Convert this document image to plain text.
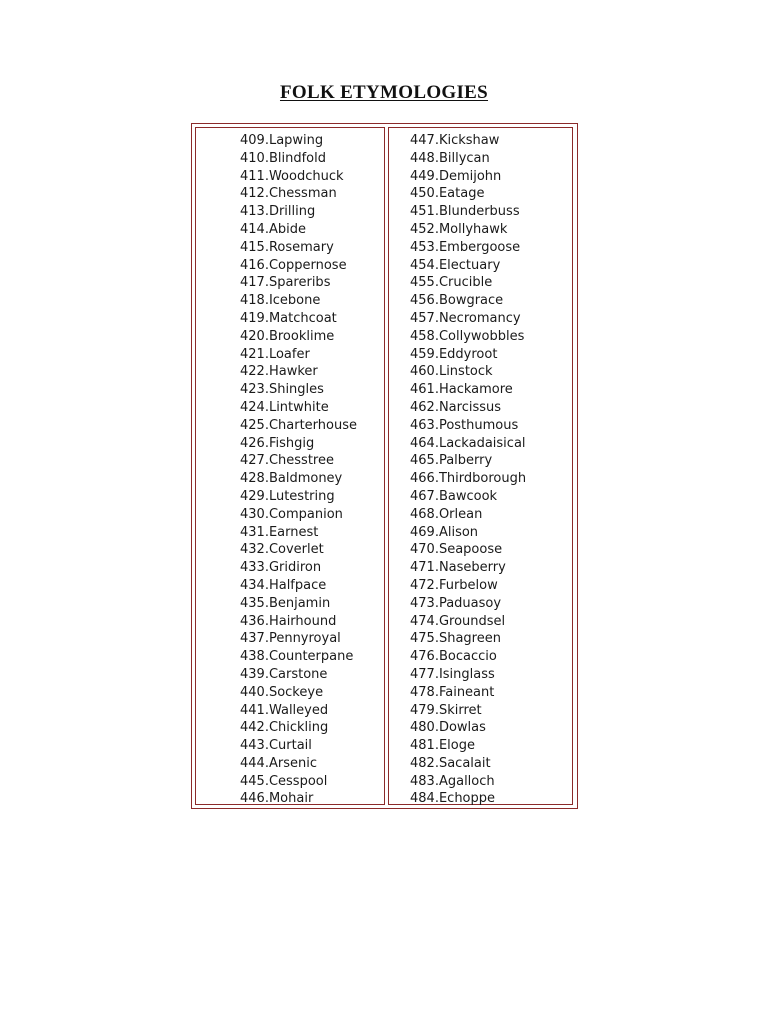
FOLK ETYMOLOGIES
409.Lapwing
410.Blindfold
411.Woodchuck
412.Chessman
413.Drilling
414.Abide
415.Rosemary
416.Coppernose
417.Spareribs
418.Icebone
419.Matchcoat
420.Brooklime
421.Loafer
422.Hawker
423.Shingles
424.Lintwhite
425.Charterhouse
426.Fishgig
427.Chesstree
428.Baldmoney
429.Lutestring
430.Companion
431.Earnest
432.Coverlet
433.Gridiron
434.Halfpace
435.Benjamin
436.Hairhound
437.Pennyroyal
438.Counterpane
439.Carstone
440.Sockeye
441.Walleyed
442.Chickling
443.Curtail
444.Arsenic
445.Cesspool
446.Mohair
447.Kickshaw
448.Billycan
449.Demijohn
450.Eatage
451.Blunderbuss
452.Mollyhawk
453.Embergoose
454.Electuary
455.Crucible
456.Bowgrace
457.Necromancy
458.Collywobbles
459.Eddyroot
460.Linstock
461.Hackamore
462.Narcissus
463.Posthumous
464.Lackadaisical
465.Palberry
466.Thirdborough
467.Bawcook
468.Orlean
469.Alison
470.Seapoose
471.Naseberry
472.Furbelow
473.Paduasoy
474.Groundsel
475.Shagreen
476.Bocaccio
477.Isinglass
478.Faineant
479.Skirret
480.Dowlas
481.Eloge
482.Sacalait
483.Agalloch
484.Echoppe
